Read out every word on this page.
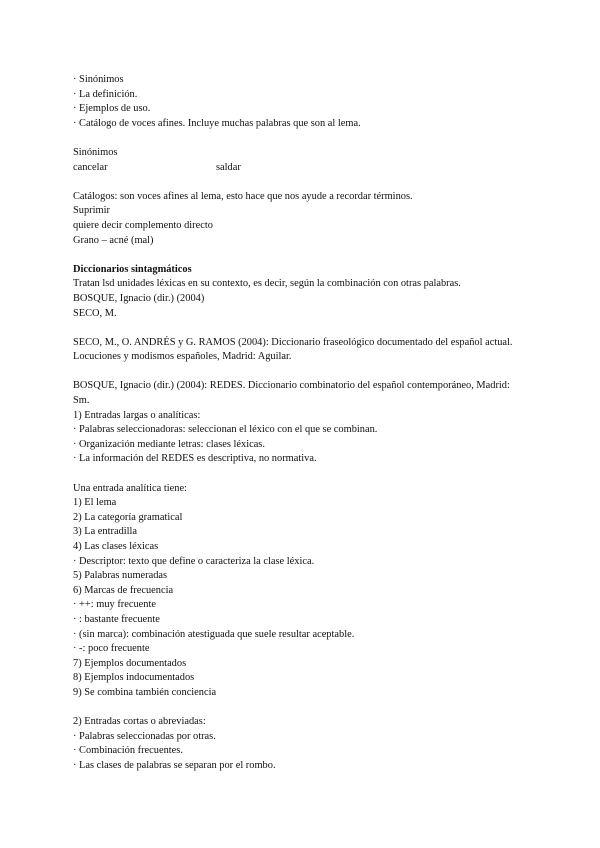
· Sinónimos
· La definición.
· Ejemplos de uso.
· Catálogo de voces afines. Incluye muchas palabras que son al lema.
Sinónimos
cancelar	saldar
Catálogos: son voces afines al lema, esto hace que nos ayude a recordar términos.
Suprimir
quiere decir complemento directo
Grano – acné (mal)
Diccionarios sintagmáticos
Tratan lsd unidades léxicas en su contexto, es decir, según la combinación con otras palabras.
BOSQUE, Ignacio (dir.) (2004)
SECO, M.
SECO, M., O. ANDRÉS y G. RAMOS (2004): Diccionario fraseológico documentado del español actual. Locuciones y modismos españoles, Madrid: Aguilar.
BOSQUE, Ignacio (dir.) (2004): REDES. Diccionario combinatorio del español contemporáneo, Madrid: Sm.
1) Entradas largas o analíticas:
· Palabras seleccionadoras: seleccionan el léxico con el que se combinan.
· Organización mediante letras: clases léxicas.
· La información del REDES es descriptiva, no normativa.
Una entrada analítica tiene:
1) El lema
2) La categoría gramatical
3) La entradilla
4) Las clases léxicas
· Descriptor: texto que define o caracteriza la clase léxica.
5) Palabras numeradas
6) Marcas de frecuencia
· ++: muy frecuente
· : bastante frecuente
· (sin marca): combinación atestiguada que suele resultar aceptable.
· -: poco frecuente
7) Ejemplos documentados
8) Ejemplos indocumentados
9) Se combina también conciencia
2) Entradas cortas o abreviadas:
· Palabras seleccionadas por otras.
· Combinación frecuentes.
· Las clases de palabras se separan por el rombo.
